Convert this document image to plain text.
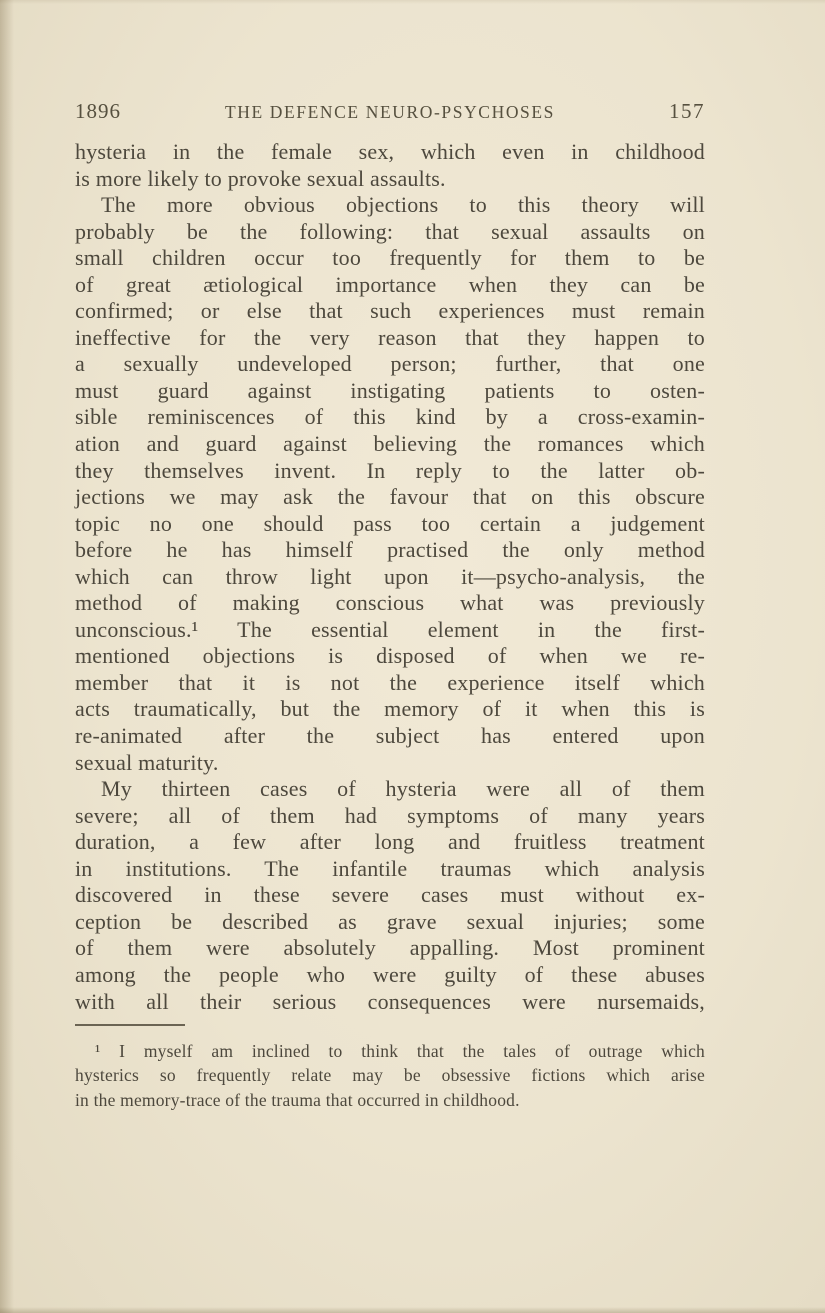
1896	THE DEFENCE NEURO-PSYCHOSES	157
hysteria in the female sex, which even in childhood
is more likely to provoke sexual assaults.
The more obvious objections to this theory will
probably be the following: that sexual assaults on
small children occur too frequently for them to be
of great ætiological importance when they can be
confirmed; or else that such experiences must remain
ineffective for the very reason that they happen to
a sexually undeveloped person; further, that one
must guard against instigating patients to osten-
sible reminiscences of this kind by a cross-examin-
ation and guard against believing the romances which
they themselves invent. In reply to the latter ob-
jections we may ask the favour that on this obscure
topic no one should pass too certain a judgement
before he has himself practised the only method
which can throw light upon it—psycho-analysis, the
method of making conscious what was previously
unconscious.¹ The essential element in the first-
mentioned objections is disposed of when we re-
member that it is not the experience itself which
acts traumatically, but the memory of it when this is
re-animated after the subject has entered upon
sexual maturity.
My thirteen cases of hysteria were all of them
severe; all of them had symptoms of many years
duration, a few after long and fruitless treatment
in institutions. The infantile traumas which analysis
discovered in these severe cases must without ex-
ception be described as grave sexual injuries; some
of them were absolutely appalling. Most prominent
among the people who were guilty of these abuses
with all their serious consequences were nursemaids,
¹ I myself am inclined to think that the tales of outrage which
hysterics so frequently relate may be obsessive fictions which arise
in the memory-trace of the trauma that occurred in childhood.
